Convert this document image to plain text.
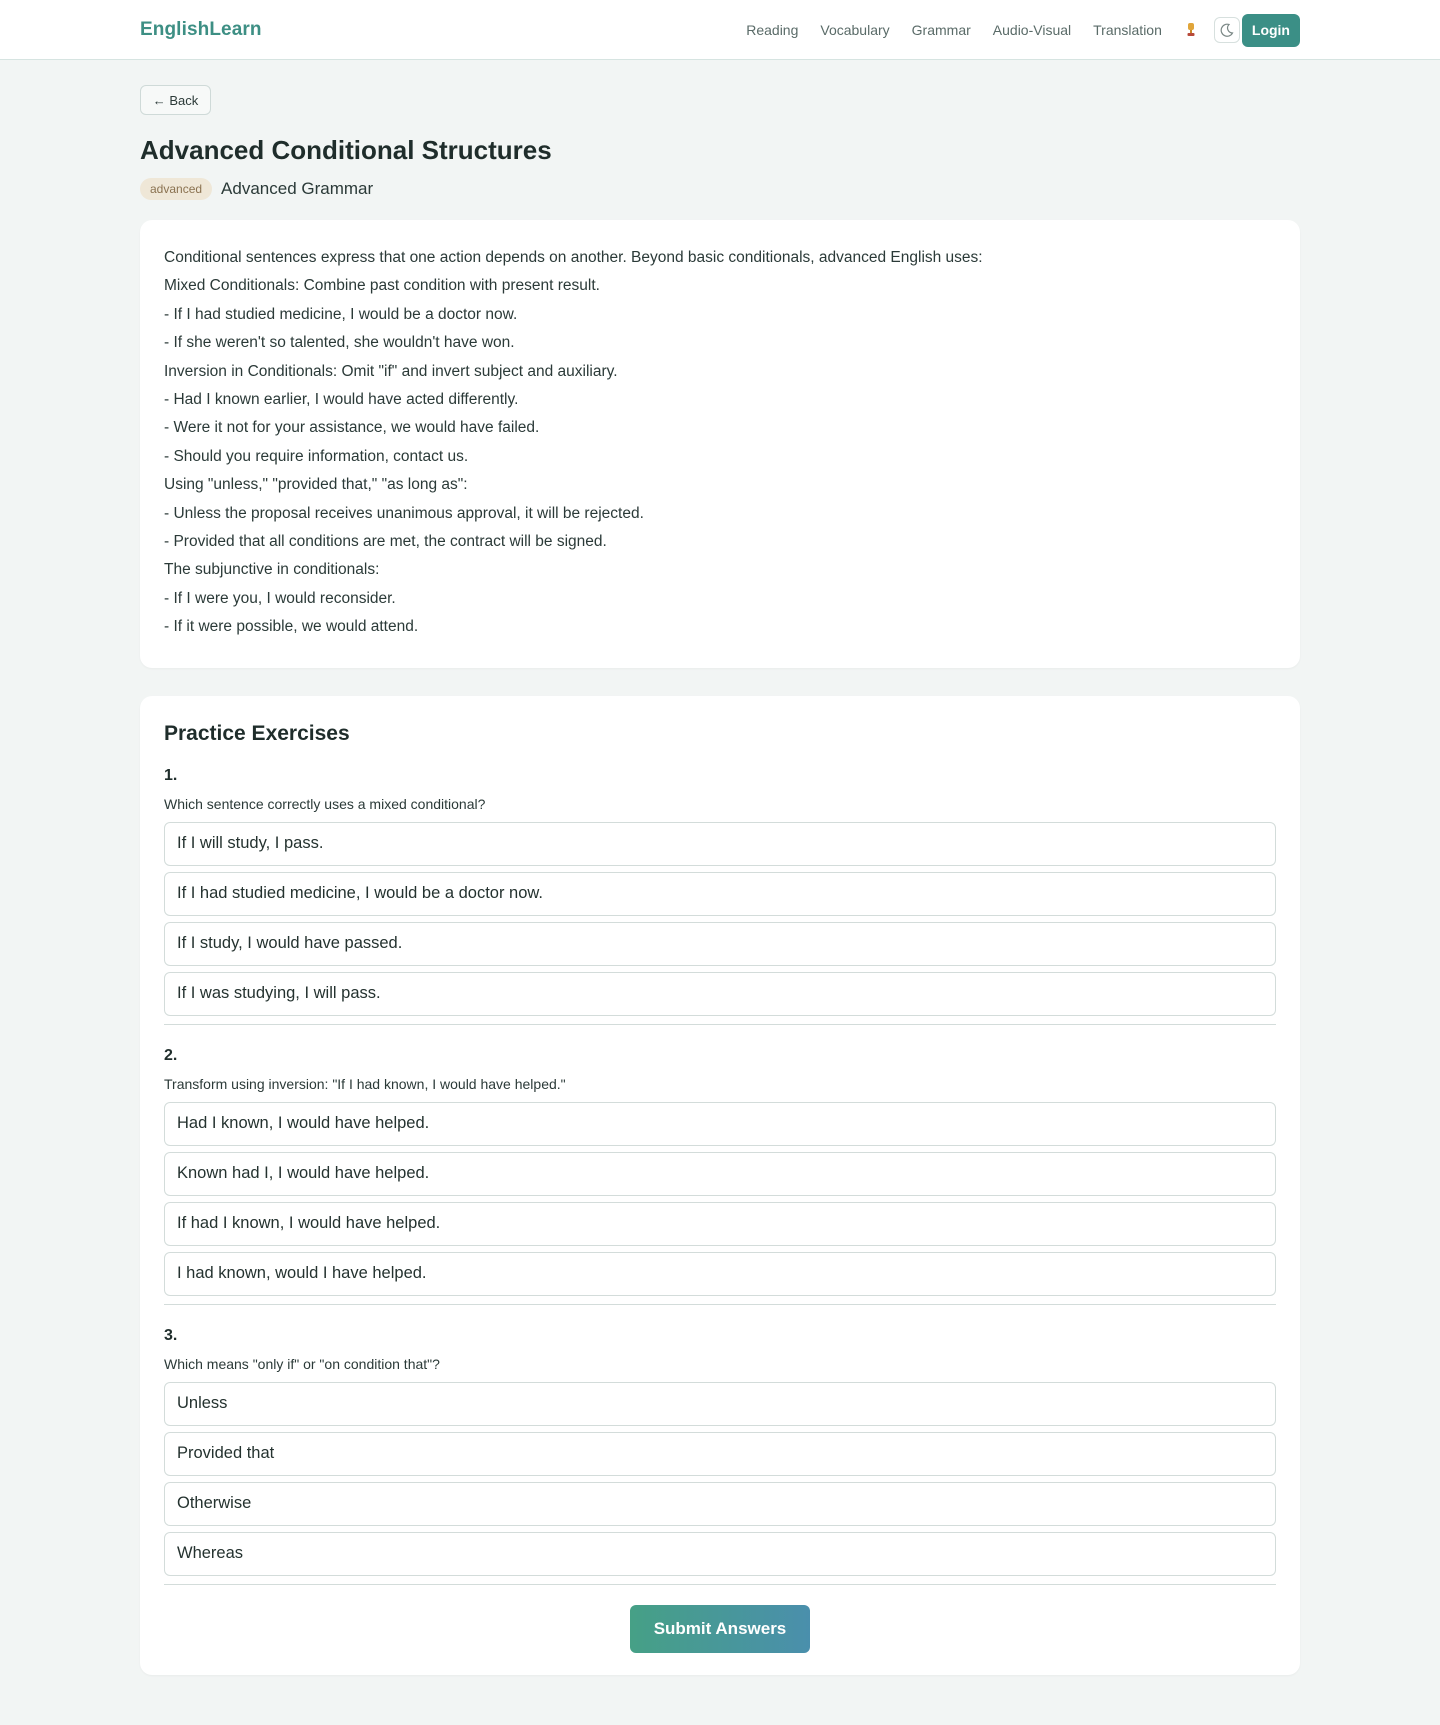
EnglishLearn	Reading Vocabulary Grammar Audio-Visual Translation	Login
← Back
Advanced Conditional Structures
advanced	Advanced Grammar
Conditional sentences express that one action depends on another. Beyond basic conditionals, advanced English uses:
Mixed Conditionals: Combine past condition with present result.
- If I had studied medicine, I would be a doctor now.
- If she weren't so talented, she wouldn't have won.
Inversion in Conditionals: Omit "if" and invert subject and auxiliary.
- Had I known earlier, I would have acted differently.
- Were it not for your assistance, we would have failed.
- Should you require information, contact us.
Using "unless," "provided that," "as long as":
- Unless the proposal receives unanimous approval, it will be rejected.
- Provided that all conditions are met, the contract will be signed.
The subjunctive in conditionals:
- If I were you, I would reconsider.
- If it were possible, we would attend.
Practice Exercises
1.
Which sentence correctly uses a mixed conditional?
If I will study, I pass.
If I had studied medicine, I would be a doctor now.
If I study, I would have passed.
If I was studying, I will pass.
2.
Transform using inversion: "If I had known, I would have helped."
Had I known, I would have helped.
Known had I, I would have helped.
If had I known, I would have helped.
I had known, would I have helped.
3.
Which means "only if" or "on condition that"?
Unless
Provided that
Otherwise
Whereas
Submit Answers
